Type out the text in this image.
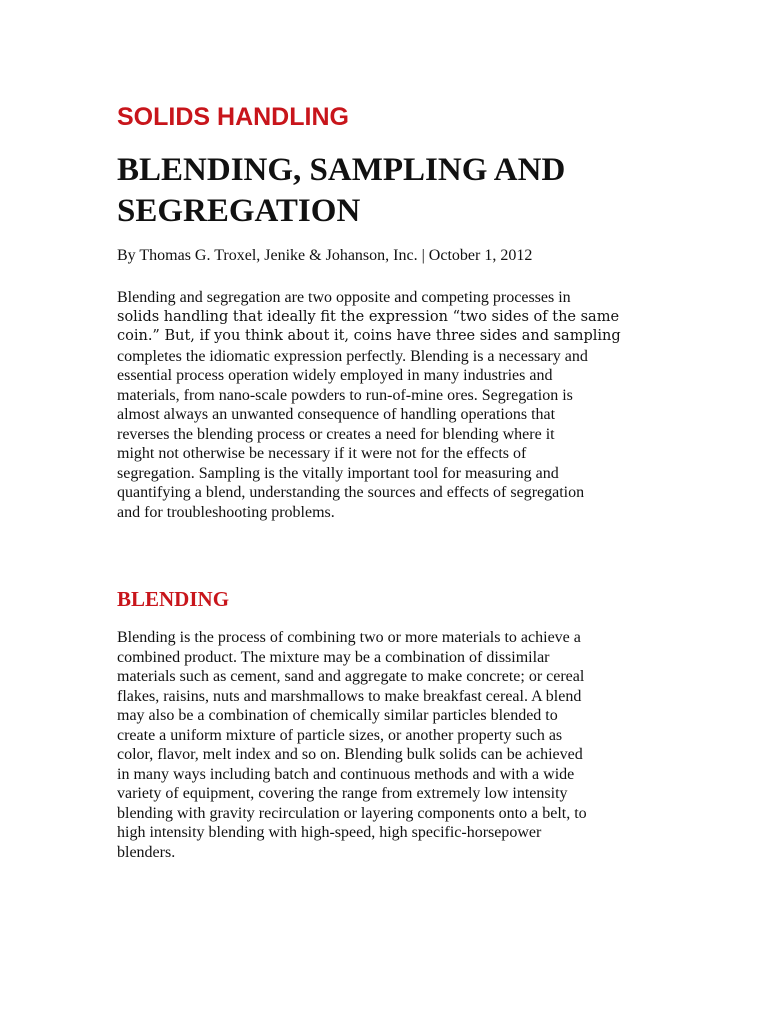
SOLIDS HANDLING
BLENDING, SAMPLING AND
SEGREGATION

By Thomas G. Troxel, Jenike & Johanson, Inc. | October 1, 2012

Blending and segregation are two opposite and competing processes in
solids handling that ideally fit the expression “two sides of the same
coin.” But, if you think about it, coins have three sides and sampling
completes the idiomatic expression perfectly. Blending is a necessary and
essential process operation widely employed in many industries and
materials, from nano-scale powders to run-of-mine ores. Segregation is
almost always an unwanted consequence of handling operations that
reverses the blending process or creates a need for blending where it
might not otherwise be necessary if it were not for the effects of
segregation. Sampling is the vitally important tool for measuring and
quantifying a blend, understanding the sources and effects of segregation
and for troubleshooting problems.

BLENDING

Blending is the process of combining two or more materials to achieve a
combined product. The mixture may be a combination of dissimilar
materials such as cement, sand and aggregate to make concrete; or cereal
flakes, raisins, nuts and marshmallows to make breakfast cereal. A blend
may also be a combination of chemically similar particles blended to
create a uniform mixture of particle sizes, or another property such as
color, flavor, melt index and so on. Blending bulk solids can be achieved
in many ways including batch and continuous methods and with a wide
variety of equipment, covering the range from extremely low intensity
blending with gravity recirculation or layering components onto a belt, to
high intensity blending with high-speed, high specific-horsepower
blenders.
